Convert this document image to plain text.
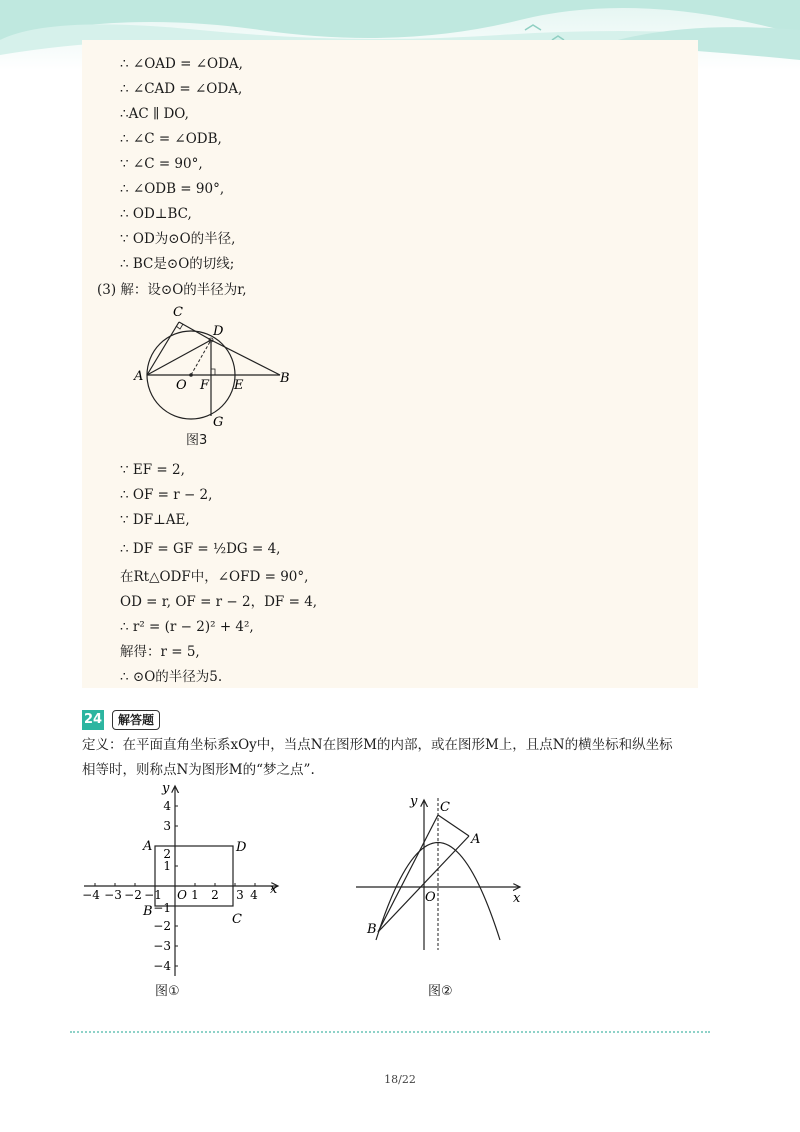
∴ ∠OAD = ∠ODA,
∴ ∠CAD = ∠ODA,
∴AC ∥ DO,
∴ ∠C = ∠ODB,
∵ ∠C = 90°,
∴ ∠ODB = 90°,
∴ OD⊥BC,
∵ OD为⊙O的半径,
∴ BC是⊙O的切线;
(3) 解：设⊙O的半径为r,
A	B
C
D
O F E
G
图3
∵ EF = 2,
∴ OF = r − 2,
∵ DF⊥AE,
∴ DF = GF = ½DG = 4,
在Rt△ODF中，∠OFD = 90°,
OD = r, OF = r − 2，DF = 4,
∴ r² = (r − 2)² + 4²,
解得：r = 5,
∴ ⊙O的半径为5.
24	解答题
定义：在平面直角坐标系xOy中，当点N在图形M的内部，或在图形M上，且点N的横坐标和纵坐标
相等时，则称点N为图形M的“梦之点”.
−4 −3 −2 −1 O 1 2 3 4
4
3
2
1
−1
−2
−3
−4
x
y
A
B
C
D
图①
x
y
O
A
B
C
图②
18/22
